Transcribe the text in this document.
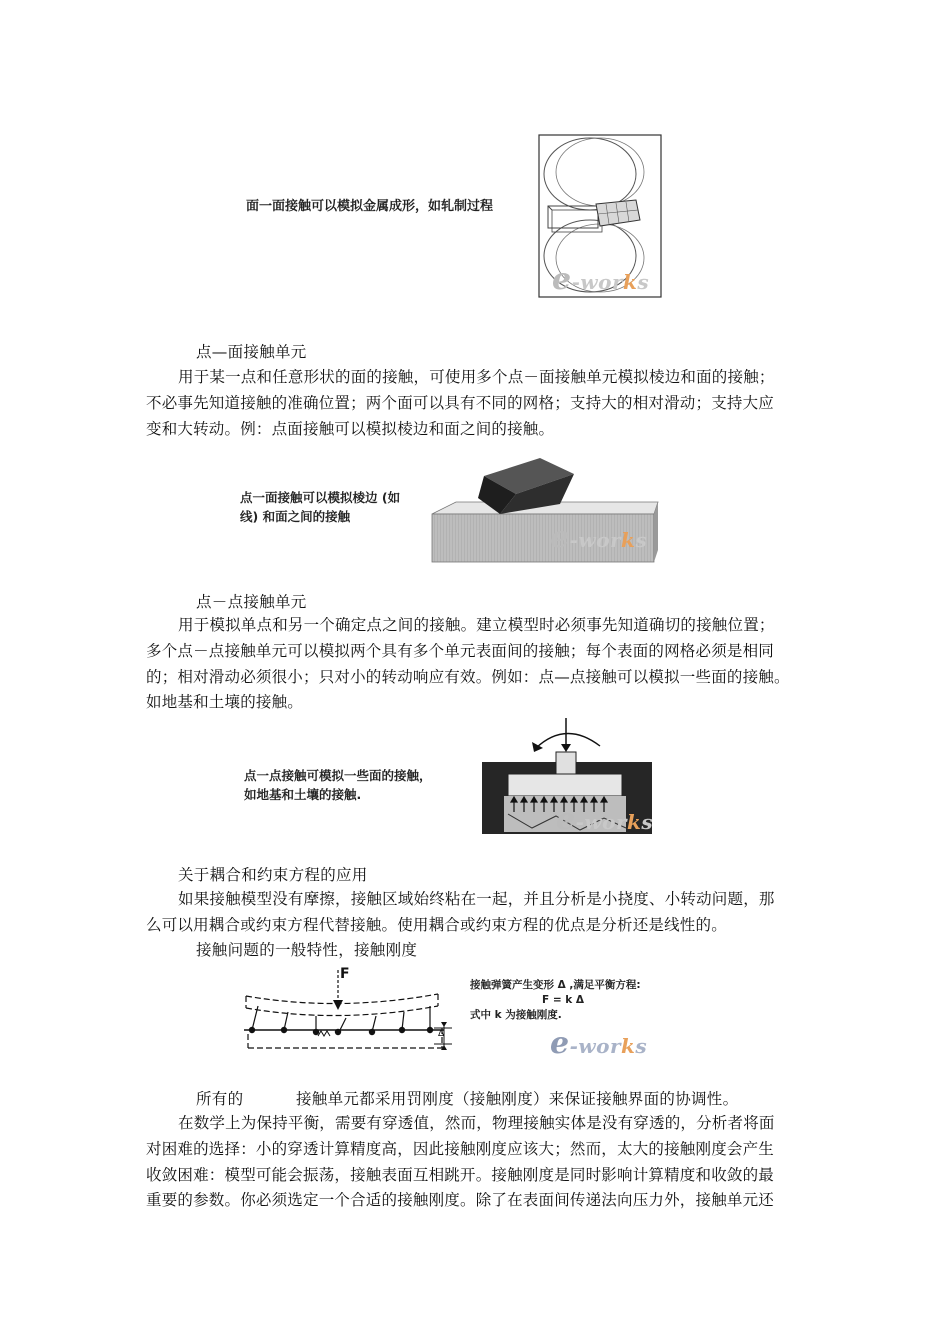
面一面接触可以模拟金属成形，如轧制过程
e-works
点—面接触单元
用于某一点和任意形状的面的接触，可使用多个点－面接触单元模拟棱边和面的接触；
不必事先知道接触的准确位置；两个面可以具有不同的网格；支持大的相对滑动；支持大应
变和大转动。例：点面接触可以模拟棱边和面之间的接触。
点一面接触可以模拟棱边 (如
线) 和面之间的接触
e-works
点－点接触单元
用于模拟单点和另一个确定点之间的接触。建立模型时必须事先知道确切的接触位置；
多个点－点接触单元可以模拟两个具有多个单元表面间的接触；每个表面的网格必须是相同
的；相对滑动必须很小；只对小的转动响应有效。例如：点—点接触可以模拟一些面的接触。
如地基和土壤的接触。
点一点接触可模拟一些面的接触，
如地基和土壤的接触.
e-works
关于耦合和约束方程的应用
如果接触模型没有摩擦，接触区域始终粘在一起，并且分析是小挠度、小转动问题，那
么可以用耦合或约束方程代替接触。使用耦合或约束方程的优点是分析还是线性的。
接触问题的一般特性，接触刚度
F
Δ
接触弹簧产生变形 Δ ,满足平衡方程:
F = k Δ
式中 k 为接触刚度.
e-works
所有的	接触单元都采用罚刚度（接触刚度）来保证接触界面的协调性。
在数学上为保持平衡，需要有穿透值，然而，物理接触实体是没有穿透的，分析者将面
对困难的选择：小的穿透计算精度高，因此接触刚度应该大；然而，太大的接触刚度会产生
收敛困难：模型可能会振荡，接触表面互相跳开。接触刚度是同时影响计算精度和收敛的最
重要的参数。你必须选定一个合适的接触刚度。除了在表面间传递法向压力外，接触单元还
